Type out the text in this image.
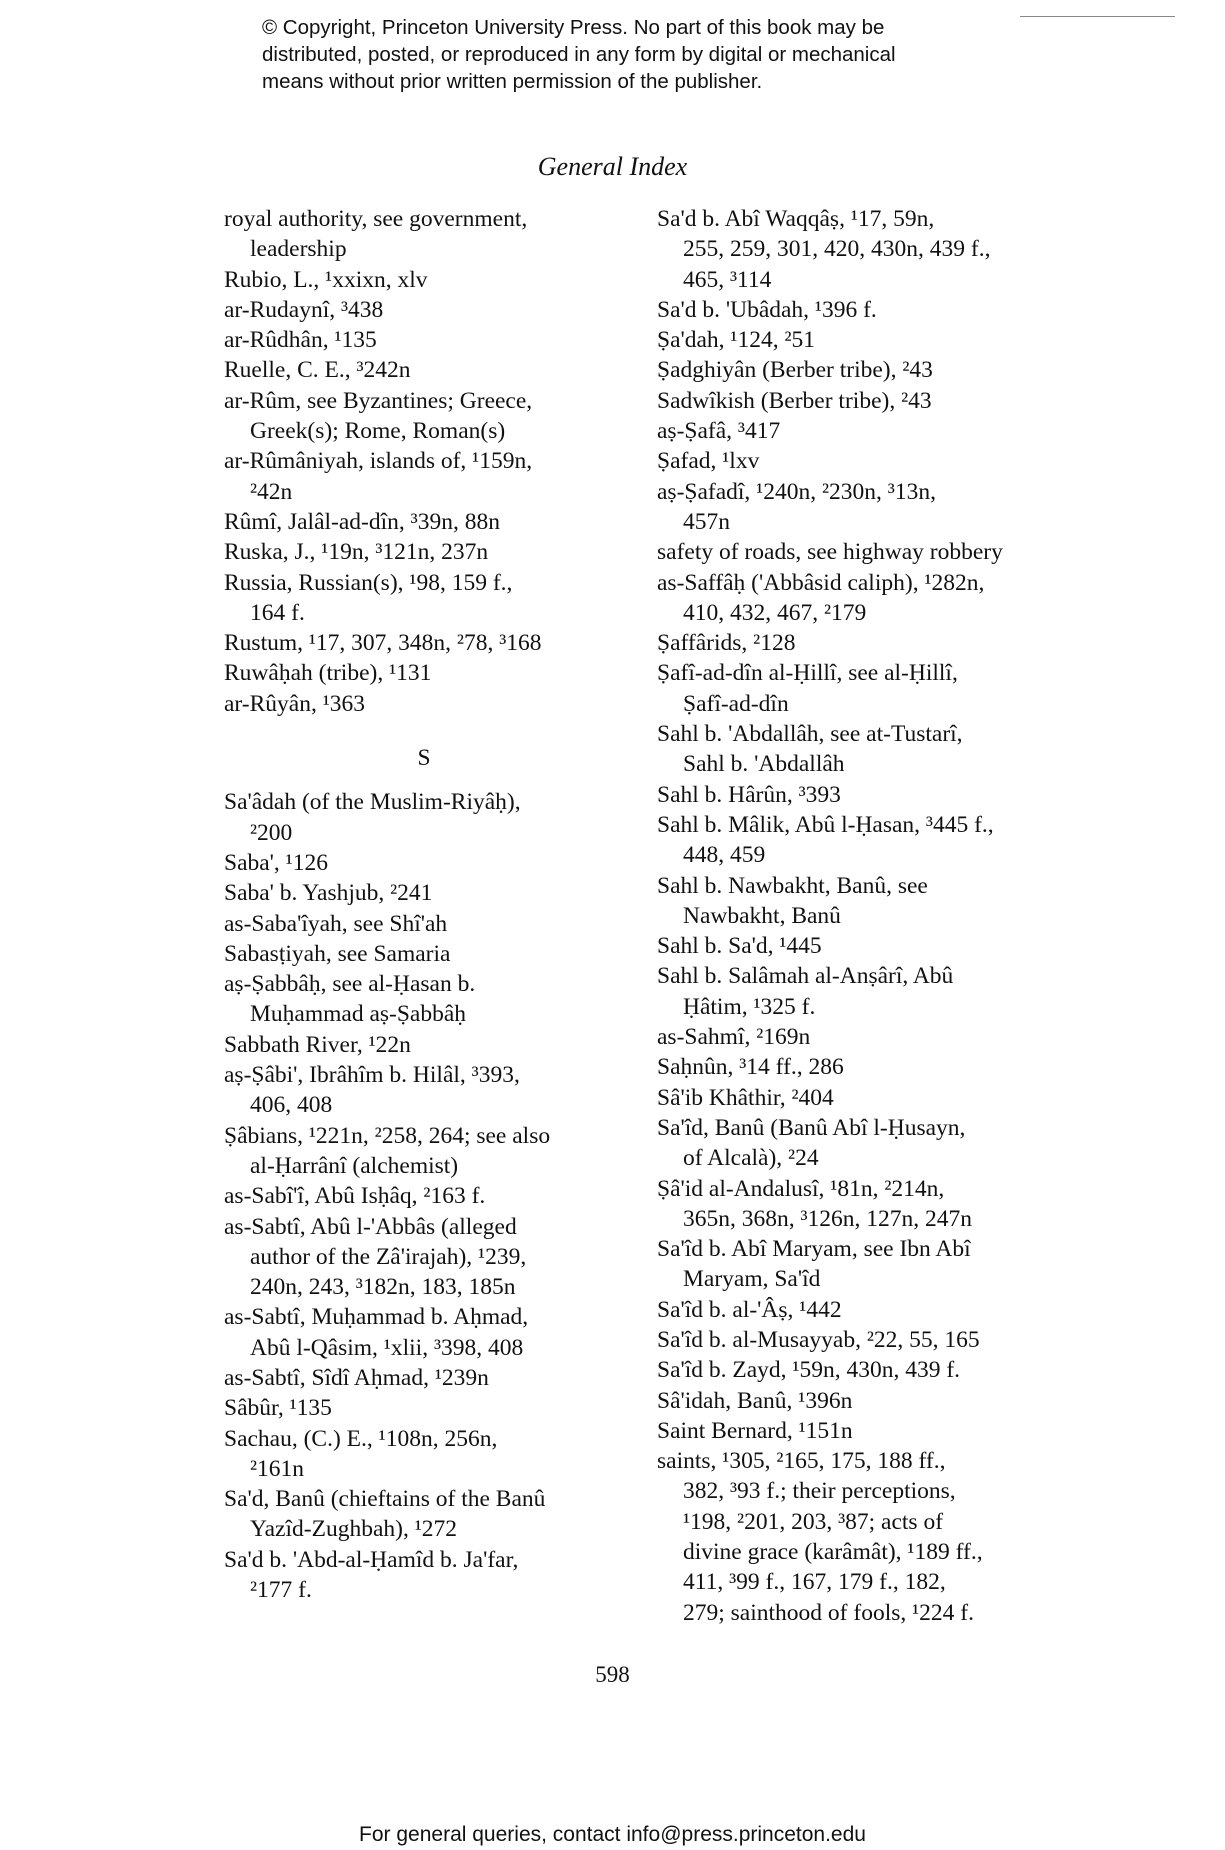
© Copyright, Princeton University Press. No part of this book may be
distributed, posted, or reproduced in any form by digital or mechanical
means without prior written permission of the publisher.
General Index
royal authority, see government,
leadership
Rubio, L., ¹xxixn, xlv
ar-Rudaynî, ³438
ar-Rûdhân, ¹135
Ruelle, C. E., ³242n
ar-Rûm, see Byzantines; Greece,
Greek(s); Rome, Roman(s)
ar-Rûmâniyah, islands of, ¹159n,
²42n
Rûmî, Jalâl-ad-dîn, ³39n, 88n
Ruska, J., ¹19n, ³121n, 237n
Russia, Russian(s), ¹98, 159 f.,
164 f.
Rustum, ¹17, 307, 348n, ²78, ³168
Ruwâḥah (tribe), ¹131
ar-Rûyân, ¹363
S
Sa'âdah (of the Muslim-Riyâḥ),
²200
Saba', ¹126
Saba' b. Yashjub, ²241
as-Saba'îyah, see Shî'ah
Sabasṭiyah, see Samaria
aṣ-Ṣabbâḥ, see al-Ḥasan b.
Muḥammad aṣ-Ṣabbâḥ
Sabbath River, ¹22n
aṣ-Ṣâbi', Ibrâhîm b. Hilâl, ³393,
406, 408
Ṣâbians, ¹221n, ²258, 264; see also
al-Ḥarrânî (alchemist)
as-Sabî'î, Abû Isḥâq, ²163 f.
as-Sabtî, Abû l-'Abbâs (alleged
author of the Zâ'irajah), ¹239,
240n, 243, ³182n, 183, 185n
as-Sabtî, Muḥammad b. Aḥmad,
Abû l-Qâsim, ¹xlii, ³398, 408
as-Sabtî, Sîdî Aḥmad, ¹239n
Sâbûr, ¹135
Sachau, (C.) E., ¹108n, 256n,
²161n
Sa'd, Banû (chieftains of the Banû
Yazîd-Zughbah), ¹272
Sa'd b. 'Abd-al-Ḥamîd b. Ja'far,
²177 f.
Sa'd b. Abî Waqqâṣ, ¹17, 59n,
255, 259, 301, 420, 430n, 439 f.,
465, ³114
Sa'd b. 'Ubâdah, ¹396 f.
Ṣa'dah, ¹124, ²51
Ṣadghiyân (Berber tribe), ²43
Sadwîkish (Berber tribe), ²43
aṣ-Ṣafâ, ³417
Ṣafad, ¹lxv
aṣ-Ṣafadî, ¹240n, ²230n, ³13n,
457n
safety of roads, see highway robbery
as-Saffâḥ ('Abbâsid caliph), ¹282n,
410, 432, 467, ²179
Ṣaffârids, ²128
Ṣafî-ad-dîn al-Ḥillî, see al-Ḥillî,
Ṣafî-ad-dîn
Sahl b. 'Abdallâh, see at-Tustarî,
Sahl b. 'Abdallâh
Sahl b. Hârûn, ³393
Sahl b. Mâlik, Abû l-Ḥasan, ³445 f.,
448, 459
Sahl b. Nawbakht, Banû, see
Nawbakht, Banû
Sahl b. Sa'd, ¹445
Sahl b. Salâmah al-Anṣârî, Abû
Ḥâtim, ¹325 f.
as-Sahmî, ²169n
Saḥnûn, ³14 ff., 286
Sâ'ib Khâthir, ²404
Sa'îd, Banû (Banû Abî l-Ḥusayn,
of Alcalà), ²24
Ṣâ'id al-Andalusî, ¹81n, ²214n,
365n, 368n, ³126n, 127n, 247n
Sa'îd b. Abî Maryam, see Ibn Abî
Maryam, Sa'îd
Sa'îd b. al-'Âṣ, ¹442
Sa'îd b. al-Musayyab, ²22, 55, 165
Sa'îd b. Zayd, ¹59n, 430n, 439 f.
Sâ'idah, Banû, ¹396n
Saint Bernard, ¹151n
saints, ¹305, ²165, 175, 188 ff.,
382, ³93 f.; their perceptions,
¹198, ²201, 203, ³87; acts of
divine grace (karâmât), ¹189 ff.,
411, ³99 f., 167, 179 f., 182,
279; sainthood of fools, ¹224 f.
598
For general queries, contact info@press.princeton.edu
